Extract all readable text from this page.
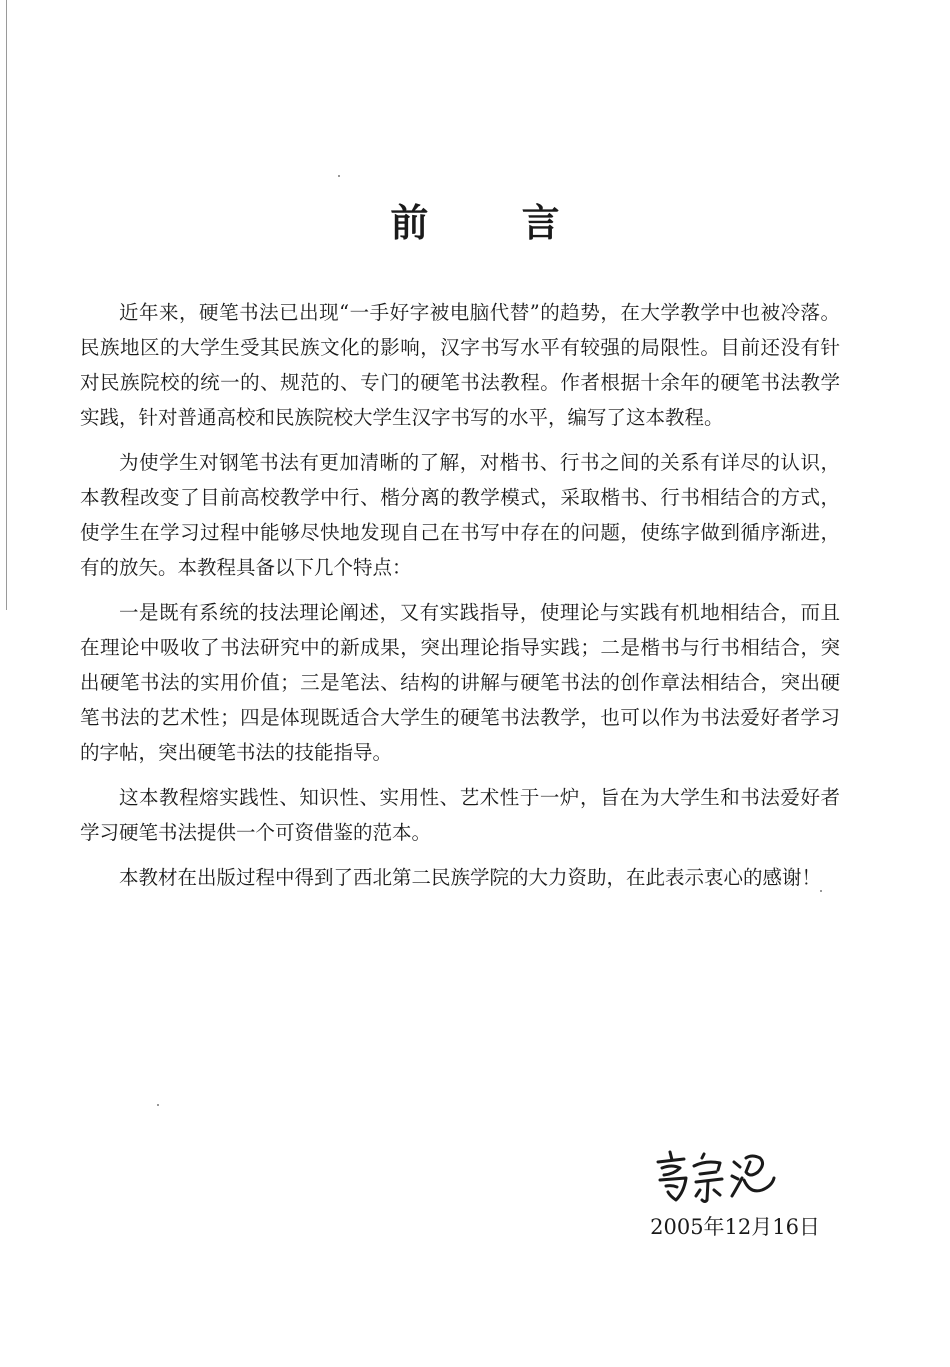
前 言

近年来，硬笔书法已出现“一手好字被电脑代替”的趋势，在大学教学中也被冷落。民族地区的大学生受其民族文化的影响，汉字书写水平有较强的局限性。目前还没有针对民族院校的统一的、规范的、专门的硬笔书法教程。作者根据十余年的硬笔书法教学实践，针对普通高校和民族院校大学生汉字书写的水平，编写了这本教程。

为使学生对钢笔书法有更加清晰的了解，对楷书、行书之间的关系有详尽的认识，本教程改变了目前高校教学中行、楷分离的教学模式，采取楷书、行书相结合的方式，使学生在学习过程中能够尽快地发现自己在书写中存在的问题，使练字做到循序渐进，有的放矢。本教程具备以下几个特点：

一是既有系统的技法理论阐述，又有实践指导，使理论与实践有机地相结合，而且在理论中吸收了书法研究中的新成果，突出理论指导实践；二是楷书与行书相结合，突出硬笔书法的实用价值；三是笔法、结构的讲解与硬笔书法的创作章法相结合，突出硬笔书法的艺术性；四是体现既适合大学生的硬笔书法教学，也可以作为书法爱好者学习的字帖，突出硬笔书法的技能指导。

这本教程熔实践性、知识性、实用性、艺术性于一炉，旨在为大学生和书法爱好者学习硬笔书法提供一个可资借鉴的范本。

本教材在出版过程中得到了西北第二民族学院的大力资助，在此表示衷心的感谢！

2005年12月16日
